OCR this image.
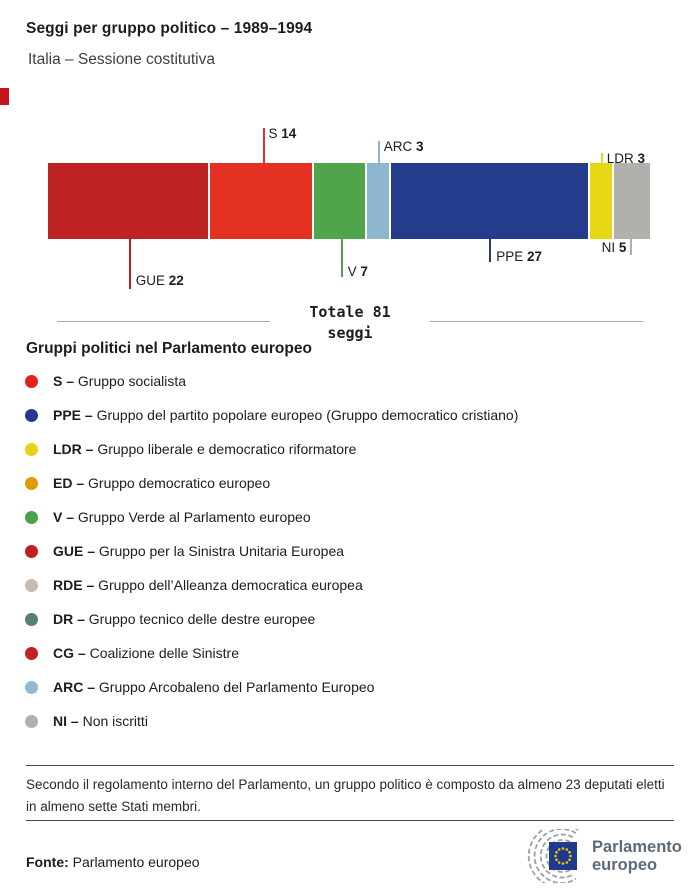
Seggi per gruppo politico – 1989–1994
Italia – Sessione costitutiva
GUE 22
S 14
V 7
ARC 3
PPE 27
LDR 3
NI 5
Totale 81
seggi
Gruppi politici nel Parlamento europeo
S – Gruppo socialista
PPE – Gruppo del partito popolare europeo (Gruppo democratico cristiano)
LDR – Gruppo liberale e democratico riformatore
ED – Gruppo democratico europeo
V – Gruppo Verde al Parlamento europeo
GUE – Gruppo per la Sinistra Unitaria Europea
RDE – Gruppo dell’Alleanza democratica europea
DR – Gruppo tecnico delle destre europee
CG – Coalizione delle Sinistre
ARC – Gruppo Arcobaleno del Parlamento Europeo
NI – Non iscritti
Secondo il regolamento interno del Parlamento, un gruppo politico è composto da almeno 23 deputati eletti in almeno sette Stati membri.
Fonte: Parlamento europeo
Parlamento
europeo
